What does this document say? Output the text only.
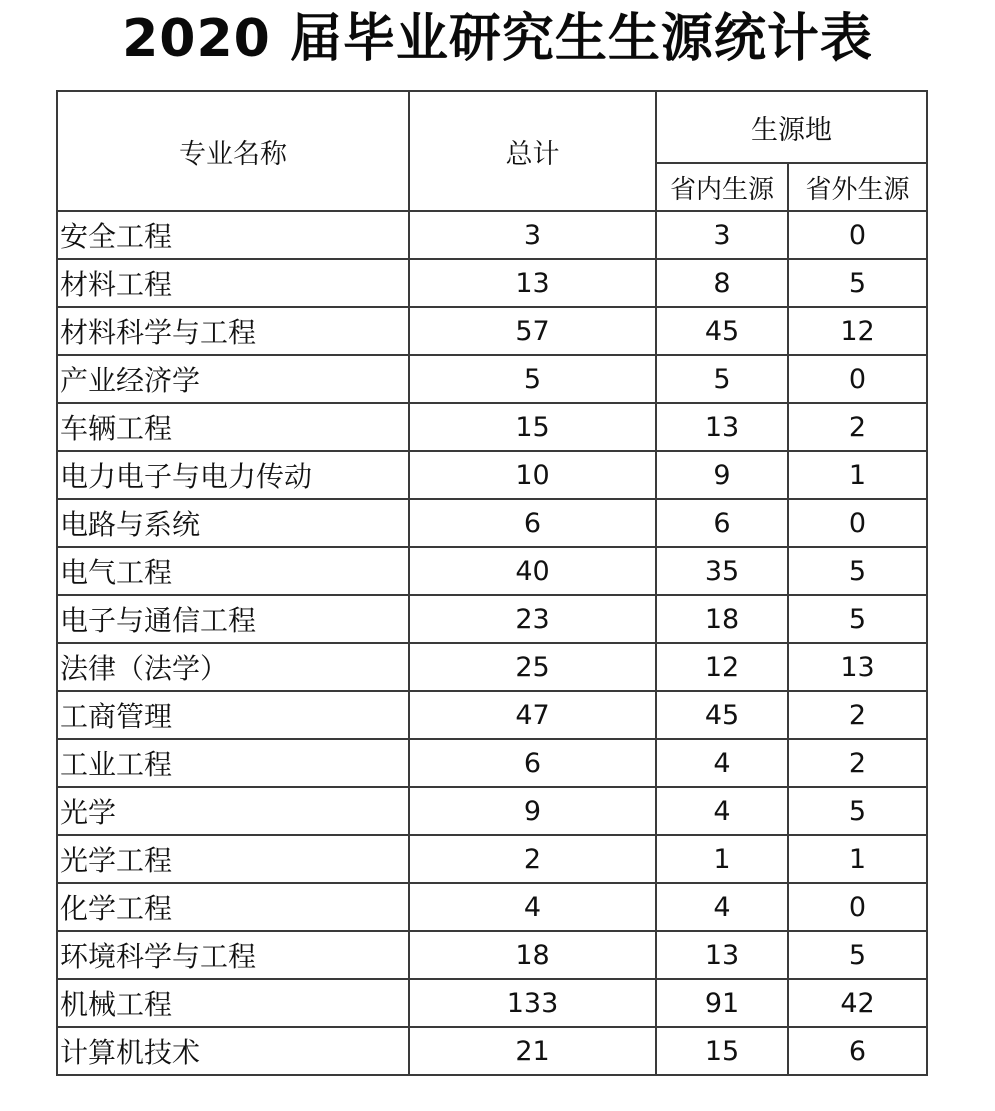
2020 届毕业研究生生源统计表
专业名称	总计	生源地	
		省内生源	省外生源
安全工程	3	3	0
材料工程	13	8	5
材料科学与工程	57	45	12
产业经济学	5	5	0
车辆工程	15	13	2
电力电子与电力传动	10	9	1
电路与系统	6	6	0
电气工程	40	35	5
电子与通信工程	23	18	5
法律（法学）	25	12	13
工商管理	47	45	2
工业工程	6	4	2
光学	9	4	5
光学工程	2	1	1
化学工程	4	4	0
环境科学与工程	18	13	5
机械工程	133	91	42
计算机技术	21	15	6
